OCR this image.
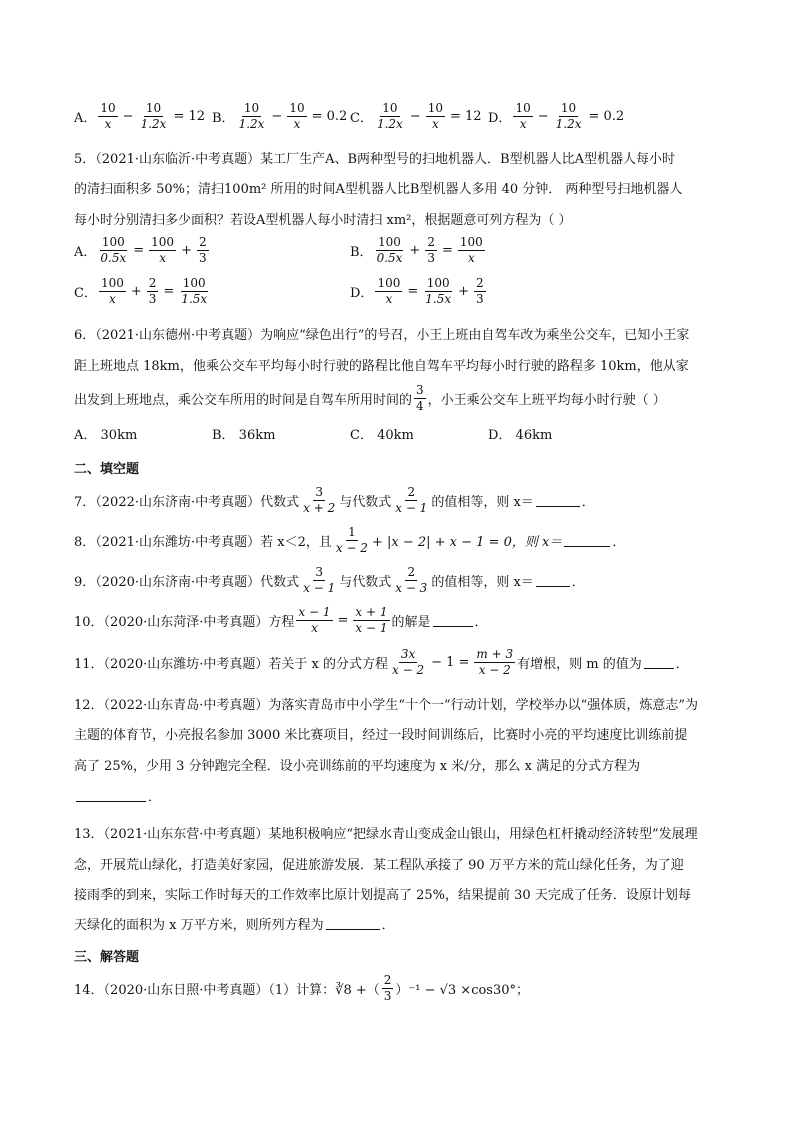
A． $\frac{10}{x} - \frac{10}{1.2x} = 12$ B． $\frac{10}{1.2x} - \frac{10}{x} = 0.2$ C． $\frac{10}{1.2x} - \frac{10}{x} = 12$ D． $\frac{10}{x} - \frac{10}{1.2x} = 0.2$
5．（2021·山东临沂·中考真题）某工厂生产A、B两种型号的扫地机器人．B型机器人比A型机器人每小时
的清扫面积多 50%；清扫100m² 所用的时间A型机器人比B型机器人多用 40 分钟． 两种型号扫地机器人
每小时分别清扫多少面积？若设A型机器人每小时清扫 xm²，根据题意可列方程为（ ）
A． $\frac{100}{0.5x} = \frac{100}{x} + \frac{2}{3}$	B． $\frac{100}{0.5x} + \frac{2}{3} = \frac{100}{x}$
C． $\frac{100}{x} + \frac{2}{3} = \frac{100}{1.5x}$	D． $\frac{100}{x} = \frac{100}{1.5x} + \frac{2}{3}$
6．（2021·山东德州·中考真题）为响应“绿色出行”的号召，小王上班由自驾车改为乘坐公交车，已知小王家
距上班地点 18km，他乘公交车平均每小时行驶的路程比他自驾车平均每小时行驶的路程多 10km，他从家
出发到上班地点，乘公交车所用的时间是自驾车所用时间的 $\frac{3}{4}$ ，小王乘公交车上班平均每小时行驶（ ）
A． 30km	B． 36km	C． 40km	D． 46km
二、填空题
7．（2022·山东济南·中考真题）代数式 $\frac{3}{x + 2}$ 与代数式 $\frac{2}{x - 1}$ 的值相等，则 x＝	．
8．（2021·山东潍坊·中考真题）若 x＜2，且 $\frac{1}{x - 2} + |x - 2| + x - 1 = 0$，则 x＝	．
9．（2020·山东济南·中考真题）代数式 $\frac{3}{x - 1}$ 与代数式 $\frac{2}{x - 3}$ 的值相等，则 x＝	．
10．（2020·山东菏泽·中考真题）方程 $\frac{x - 1}{x} = \frac{x + 1}{x - 1}$ 的解是	．
11．（2020·山东潍坊·中考真题）若关于 x 的分式方程 $\frac{3x}{x - 2} - 1 = \frac{m + 3}{x - 2}$ 有增根，则 m 的值为	．
12．（2022·山东青岛·中考真题）为落实青岛市中小学生“十个一”行动计划，学校举办以“强体质，炼意志”为
主题的体育节，小亮报名参加 3000 米比赛项目，经过一段时间训练后，比赛时小亮的平均速度比训练前提
高了 25%，少用 3 分钟跑完全程．设小亮训练前的平均速度为 x 米/分，那么 x 满足的分式方程为
．
13．（2021·山东东营·中考真题）某地积极响应“把绿水青山变成金山银山，用绿色杠杆撬动经济转型”发展理
念，开展荒山绿化，打造美好家园，促进旅游发展．某工程队承接了 90 万平方米的荒山绿化任务，为了迎
接雨季的到来，实际工作时每天的工作效率比原计划提高了 25%，结果提前 30 天完成了任务．设原计划每
天绿化的面积为 x 万平方米，则所列方程为	．
三、解答题
14．（2020·山东日照·中考真题）（1）计算：∛8 +（ $\frac{2}{3} )^{-1} - √3 \times\cos 30^\circ$；
